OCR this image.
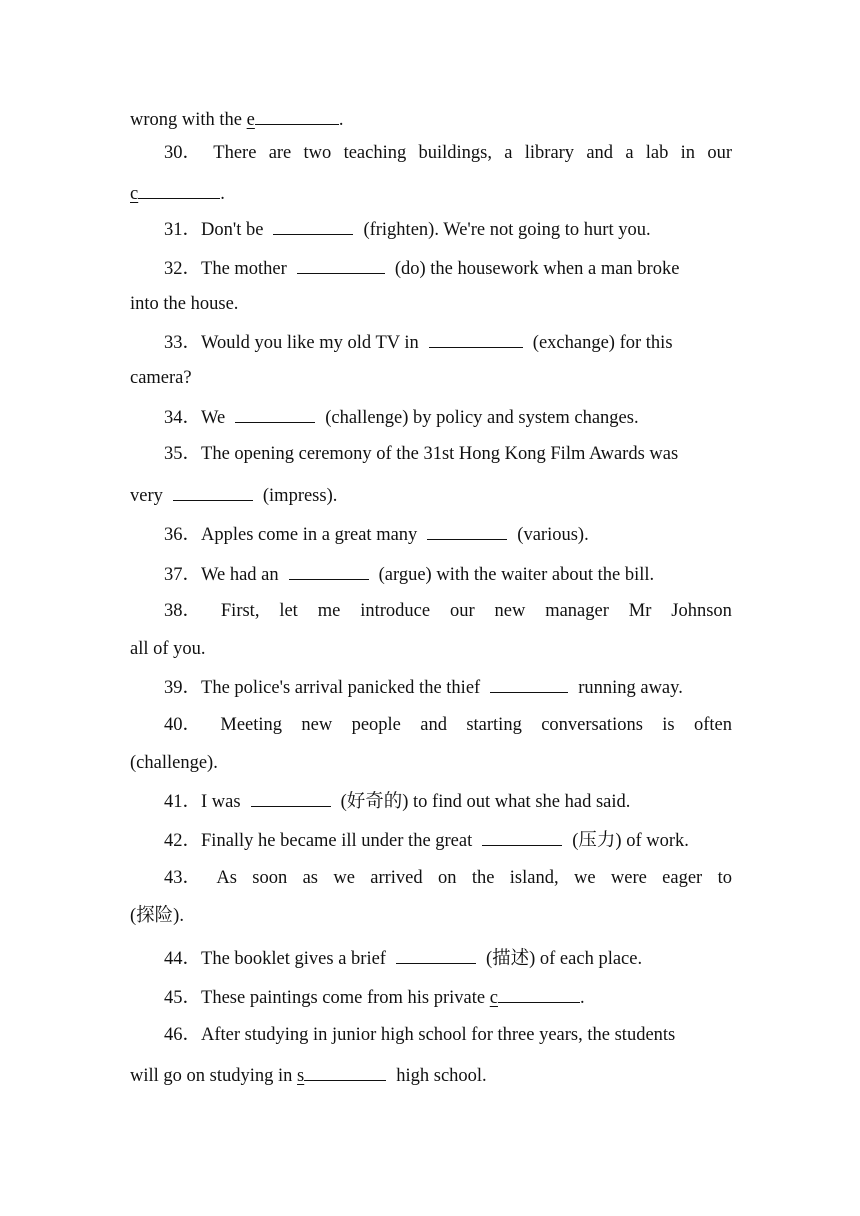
wrong with the e	.
30． There are two teaching buildings, a library and a lab in our
c	.
31．Don't be	(frighten). We're not going to hurt you.
32．The mother	(do) the housework when a man broke
into the house.
33．Would you like my old TV in	(exchange) for this
camera?
34．We	(challenge) by policy and system changes.
35．The opening ceremony of the 31st Hong Kong Film Awards was
very	(impress).
36．Apples come in a great many	(various).
37．We had an	(argue) with the waiter about the bill.
38． First, let me introduce our new manager Mr Johnson
all of you.
39．The police's arrival panicked the thief	running away.
40． Meeting new people and starting conversations is often
(challenge).
41．I was	(好奇的) to find out what she had said.
42．Finally he became ill under the great	(压力) of work.
43． As soon as we arrived on the island, we were eager to
(探险).
44．The booklet gives a brief	(描述) of each place.
45．These paintings come from his private c	.
46．After studying in junior high school for three years, the students
will go on studying in s	high school.
